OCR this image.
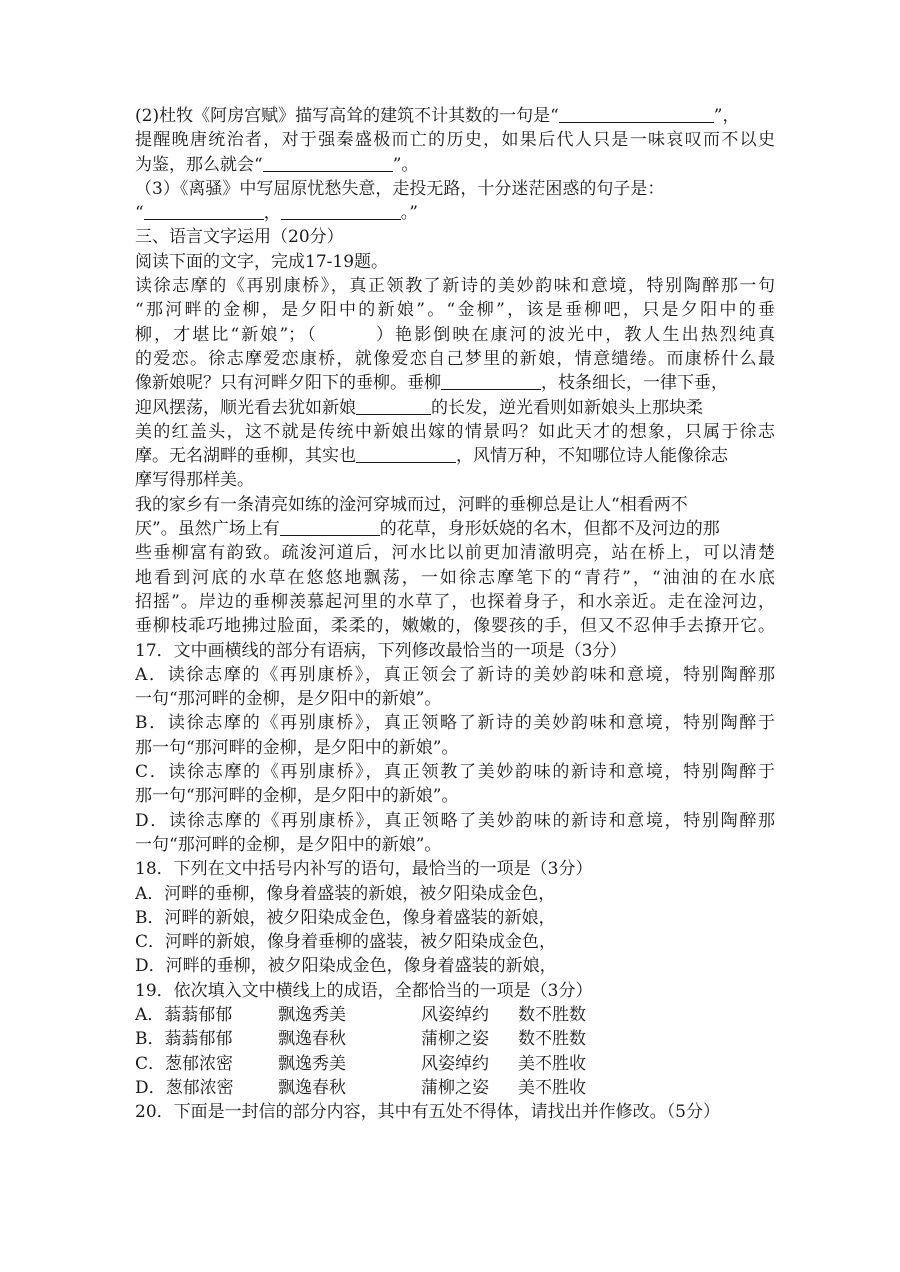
(2)杜牧《阿房宫赋》描写高耸的建筑不计其数的一句是“	”，
提醒晚唐统治者，对于强秦盛极而亡的历史，如果后代人只是一味哀叹而不以史
为鉴，那么就会“	”。
（3）《离骚》中写屈原忧愁失意，走投无路，十分迷茫困惑的句子是：
“	，	。”
三、语言文字运用（20分）
阅读下面的文字，完成17-19题。
读徐志摩的《再别康桥》，真正领教了新诗的美妙韵味和意境，特别陶醉那一句
“那河畔的金柳，是夕阳中的新娘”。“金柳”，该是垂柳吧，只是夕阳中的垂
柳，才堪比“新娘”；（	）艳影倒映在康河的波光中，教人生出热烈纯真
的爱恋。徐志摩爱恋康桥，就像爱恋自己梦里的新娘，情意缱绻。而康桥什么最
像新娘呢？只有河畔夕阳下的垂柳。垂柳	，枝条细长，一律下垂，
迎风摆荡，顺光看去犹如新娘	的长发，逆光看则如新娘头上那块柔
美的红盖头，这不就是传统中新娘出嫁的情景吗？如此天才的想象，只属于徐志
摩。无名湖畔的垂柳，其实也	，风情万种，不知哪位诗人能像徐志
摩写得那样美。
我的家乡有一条清亮如练的淦河穿城而过，河畔的垂柳总是让人“相看两不
厌”。虽然广场上有	的花草，身形妖娆的名木，但都不及河边的那
些垂柳富有韵致。疏浚河道后，河水比以前更加清澈明亮，站在桥上，可以清楚
地看到河底的水草在悠悠地飘荡，一如徐志摩笔下的“青荇”，“油油的在水底
招摇”。岸边的垂柳羡慕起河里的水草了，也探着身子，和水亲近。走在淦河边，
垂柳枝乖巧地拂过脸面，柔柔的，嫩嫩的，像婴孩的手，但又不忍伸手去撩开它。
17．文中画横线的部分有语病，下列修改最恰当的一项是（3分）
A．读徐志摩的《再别康桥》，真正领会了新诗的美妙韵味和意境，特别陶醉那
一句“那河畔的金柳，是夕阳中的新娘”。
B．读徐志摩的《再别康桥》，真正领略了新诗的美妙韵味和意境，特别陶醉于
那一句“那河畔的金柳，是夕阳中的新娘”。
C．读徐志摩的《再别康桥》，真正领教了美妙韵味的新诗和意境，特别陶醉于
那一句“那河畔的金柳，是夕阳中的新娘”。
D．读徐志摩的《再别康桥》，真正领略了美妙韵味的新诗和意境，特别陶醉那
一句“那河畔的金柳，是夕阳中的新娘”。
18．下列在文中括号内补写的语句，最恰当的一项是（3分）
A．河畔的垂柳，像身着盛装的新娘，被夕阳染成金色，
B．河畔的新娘，被夕阳染成金色，像身着盛装的新娘，
C．河畔的新娘，像身着垂柳的盛装，被夕阳染成金色，
D．河畔的垂柳，被夕阳染成金色，像身着盛装的新娘，
19．依次填入文中横线上的成语，全都恰当的一项是（3分）
A．蓊蓊郁郁	飘逸秀美	风姿绰约	数不胜数
B．蓊蓊郁郁	飘逸春秋	蒲柳之姿	数不胜数
C．葱郁浓密	飘逸秀美	风姿绰约	美不胜收
D．葱郁浓密	飘逸春秋	蒲柳之姿	美不胜收
20．下面是一封信的部分内容，其中有五处不得体，请找出并作修改。（5分）
